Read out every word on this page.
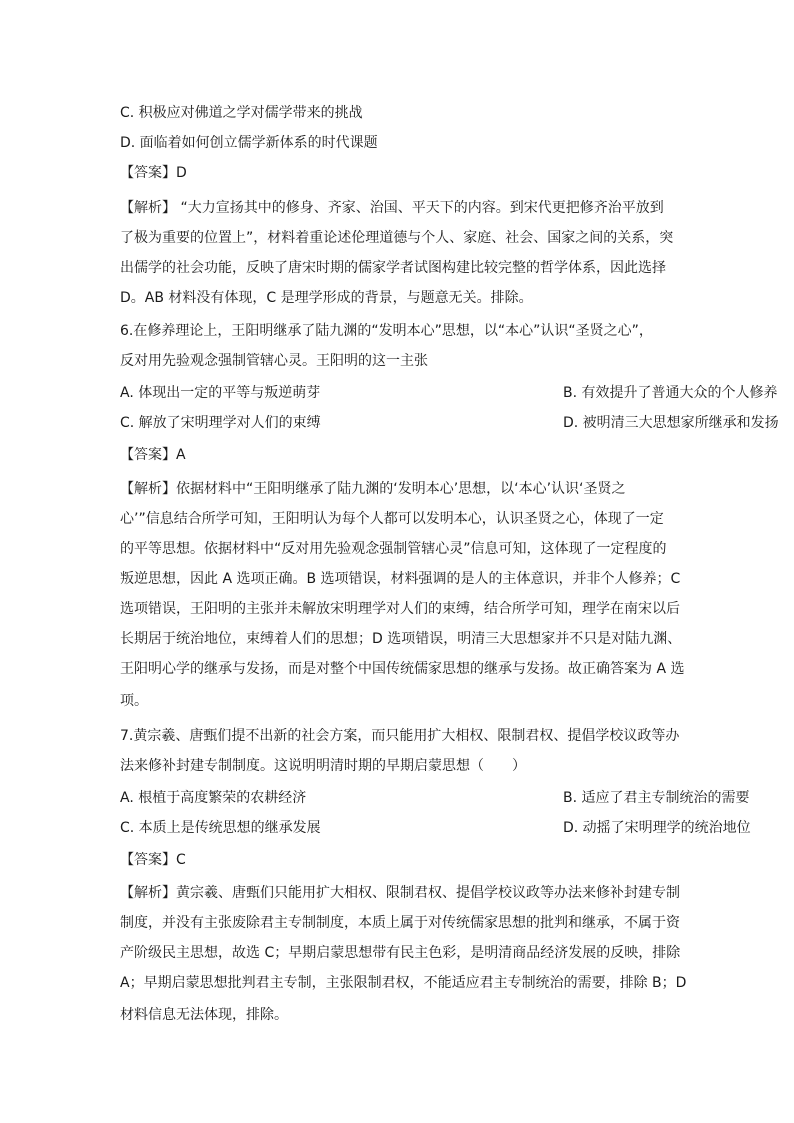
C. 积极应对佛道之学对儒学带来的挑战
D. 面临着如何创立儒学新体系的时代课题
【答案】D
【解析】 “大力宣扬其中的修身、齐家、治国、平天下的内容。到宋代更把修齐治平放到
了极为重要的位置上”，材料着重论述伦理道德与个人、家庭、社会、国家之间的关系，突
出儒学的社会功能，反映了唐宋时期的儒家学者试图构建比较完整的哲学体系，因此选择
D。AB 材料没有体现，C 是理学形成的背景，与题意无关。排除。
6.在修养理论上，王阳明继承了陆九渊的“发明本心”思想，以“本心”认识“圣贤之心”，
反对用先验观念强制管辖心灵。王阳明的这一主张
A. 体现出一定的平等与叛逆萌芽	B. 有效提升了普通大众的个人修养
C. 解放了宋明理学对人们的束缚	D. 被明清三大思想家所继承和发扬
【答案】A
【解析】依据材料中“王阳明继承了陆九渊的‘发明本心’思想，以‘本心’认识‘圣贤之
心’”信息结合所学可知，王阳明认为每个人都可以发明本心，认识圣贤之心，体现了一定
的平等思想。依据材料中“反对用先验观念强制管辖心灵”信息可知，这体现了一定程度的
叛逆思想，因此 A 选项正确。B 选项错误，材料强调的是人的主体意识，并非个人修养；C
选项错误，王阳明的主张并未解放宋明理学对人们的束缚，结合所学可知，理学在南宋以后
长期居于统治地位，束缚着人们的思想；D 选项错误，明清三大思想家并不只是对陆九渊、
王阳明心学的继承与发扬，而是对整个中国传统儒家思想的继承与发扬。故正确答案为 A 选
项。
7.黄宗羲、唐甄们提不出新的社会方案，而只能用扩大相权、限制君权、提倡学校议政等办
法来修补封建专制制度。这说明明清时期的早期启蒙思想（　　）
A. 根植于高度繁荣的农耕经济	B. 适应了君主专制统治的需要
C. 本质上是传统思想的继承发展	D. 动摇了宋明理学的统治地位
【答案】C
【解析】黄宗羲、唐甄们只能用扩大相权、限制君权、提倡学校议政等办法来修补封建专制
制度，并没有主张废除君主专制制度，本质上属于对传统儒家思想的批判和继承，不属于资
产阶级民主思想，故选 C；早期启蒙思想带有民主色彩，是明清商品经济发展的反映，排除
A；早期启蒙思想批判君主专制，主张限制君权，不能适应君主专制统治的需要，排除 B；D
材料信息无法体现，排除。
